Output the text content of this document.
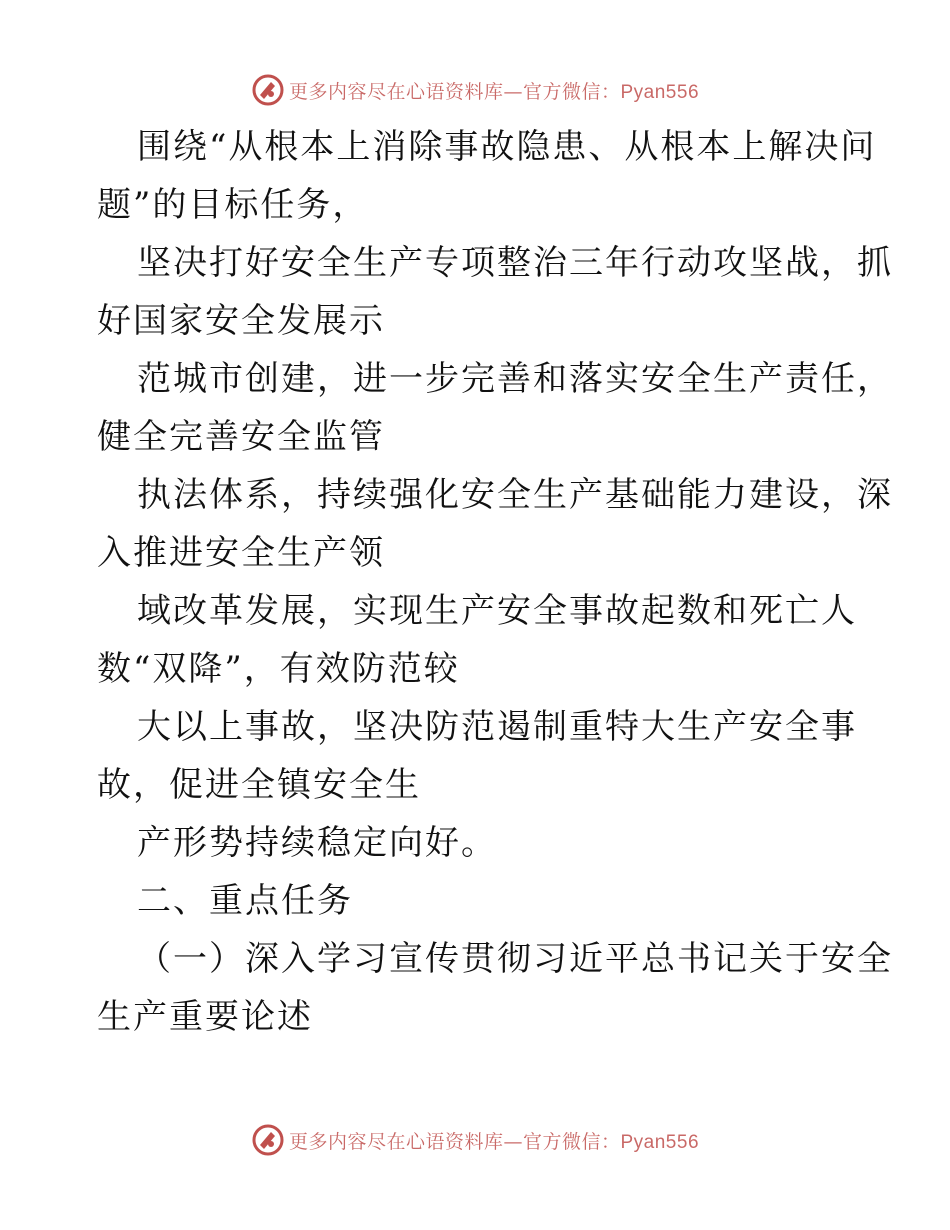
更多内容尽在心语资料库—官方微信：Pyan556
围绕“从根本上消除事故隐患、从根本上解决问
题”的目标任务，
坚决打好安全生产专项整治三年行动攻坚战，抓
好国家安全发展示
范城市创建，进一步完善和落实安全生产责任，
健全完善安全监管
执法体系，持续强化安全生产基础能力建设，深
入推进安全生产领
域改革发展，实现生产安全事故起数和死亡人
数“双降”，有效防范较
大以上事故，坚决防范遏制重特大生产安全事
故，促进全镇安全生
产形势持续稳定向好。
二、重点任务
（一）深入学习宣传贯彻习近平总书记关于安全
生产重要论述
更多内容尽在心语资料库—官方微信：Pyan556
